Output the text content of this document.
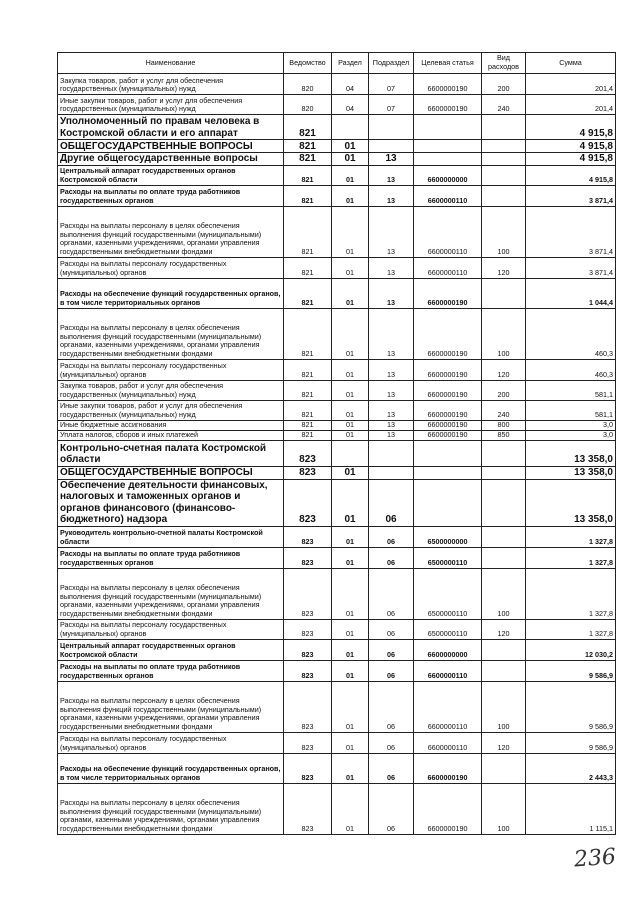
Наименование	Ведомство	Раздел	Подраздел	Целевая статья	Вид расходов	Сумма
Закупка товаров, работ и услуг для обеспечения государственных (муниципальных) нужд	820	04	07	6600000190	200	201,4
Иные закупки товаров, работ и услуг для обеспечения государственных (муниципальных) нужд	820	04	07	6600000190	240	201,4
Уполномоченный по правам человека в Костромской области и его аппарат	821					4 915,8
ОБЩЕГОСУДАРСТВЕННЫЕ ВОПРОСЫ	821	01				4 915,8
Другие общегосударственные вопросы	821	01	13			4 915,8
Центральный аппарат государственных органов Костромской области	821	01	13	6600000000		4 915,8
Расходы на выплаты по оплате труда работников государственных органов	821	01	13	6600000110		3 871,4
Расходы на выплаты персоналу в целях обеспечения выполнения функций государственными (муниципальными) органами, казенными учреждениями, органами управления государственными внебюджетными фондами	821	01	13	6600000110	100	3 871,4
Расходы на выплаты персоналу государственных (муниципальных) органов	821	01	13	6600000110	120	3 871,4
Расходы на обеспечение функций государственных органов, в том числе территориальных органов	821	01	13	6600000190		1 044,4
Расходы на выплаты персоналу в целях обеспечения выполнения функций государственными (муниципальными) органами, казенными учреждениями, органами управления государственными внебюджетными фондами	821	01	13	6600000190	100	460,3
Расходы на выплаты персоналу государственных (муниципальных) органов	821	01	13	6600000190	120	460,3
Закупка товаров, работ и услуг для обеспечения государственных (муниципальных) нужд	821	01	13	6600000190	200	581,1
Иные закупки товаров, работ и услуг для обеспечения государственных (муниципальных) нужд	821	01	13	6600000190	240	581,1
Иные бюджетные ассигнования	821	01	13	6600000190	800	3,0
Уплата налогов, сборов и иных платежей	821	01	13	6600000190	850	3,0
Контрольно-счетная палата Костромской области	823					13 358,0
ОБЩЕГОСУДАРСТВЕННЫЕ ВОПРОСЫ	823	01				13 358,0
Обеспечение деятельности финансовых, налоговых и таможенных органов и органов финансового (финансово-бюджетного) надзора	823	01	06			13 358,0
Руководитель контрольно-счетной палаты Костромской области	823	01	06	6500000000		1 327,8
Расходы на выплаты по оплате труда работников государственных органов	823	01	06	6500000110		1 327,8
Расходы на выплаты персоналу в целях обеспечения выполнения функций государственными (муниципальными) органами, казенными учреждениями, органами управления государственными внебюджетными фондами	823	01	06	6500000110	100	1 327,8
Расходы на выплаты персоналу государственных (муниципальных) органов	823	01	06	6500000110	120	1 327,8
Центральный аппарат государственных органов Костромской области	823	01	06	6600000000		12 030,2
Расходы на выплаты по оплате труда работников государственных органов	823	01	06	6600000110		9 586,9
Расходы на выплаты персоналу в целях обеспечения выполнения функций государственными (муниципальными) органами, казенными учреждениями, органами управления государственными внебюджетными фондами	823	01	06	6600000110	100	9 586,9
Расходы на выплаты персоналу государственных (муниципальных) органов	823	01	06	6600000110	120	9 586,9
Расходы на обеспечение функций государственных органов, в том числе территориальных органов	823	01	06	6600000190		2 443,3
Расходы на выплаты персоналу в целях обеспечения выполнения функций государственными (муниципальными) органами, казенными учреждениями, органами управления государственными внебюджетными фондами	823	01	06	6600000190	100	1 115,1
236
